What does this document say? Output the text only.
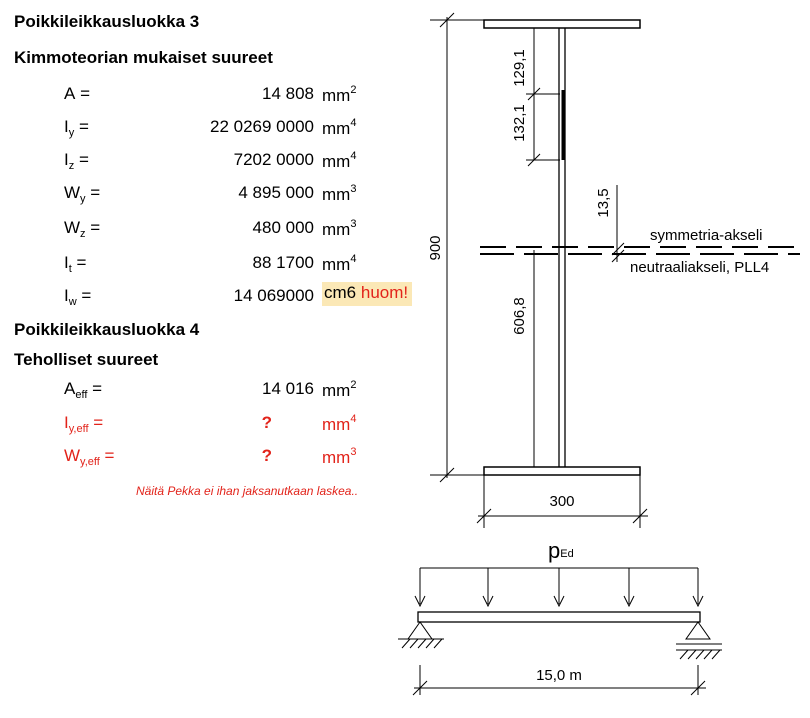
Poikkileikkausluokka 3
Kimmoteorian mukaiset suureet
A =	14 808 $mm^2$
$I_y$ =	22 0269 0000 $mm^4$
$I_z$ =	7202 0000 $mm^4$
$W_y$ =	4 895 000 $mm^3$
$W_z$ =	480 000 $mm^3$
$I_t$ =	88 1700 $mm^4$
$I_w$ =	14 069000 cm6 huom!
Poikkileikkausluokka 4
Teholliset suureet
$A_{eff}$ =	14 016 $mm^2$
$I_{y,eff}$ =	?	$mm^4$
$W_{y,eff}$ =	?	$mm^3$
Näitä Pekka ei ihan jaksanutkaan laskea..
900
300
129,1
132,1
606,8
13,5
symmetria-akseli
neutraaliakseli, PLL4
pEd
15,0 m
